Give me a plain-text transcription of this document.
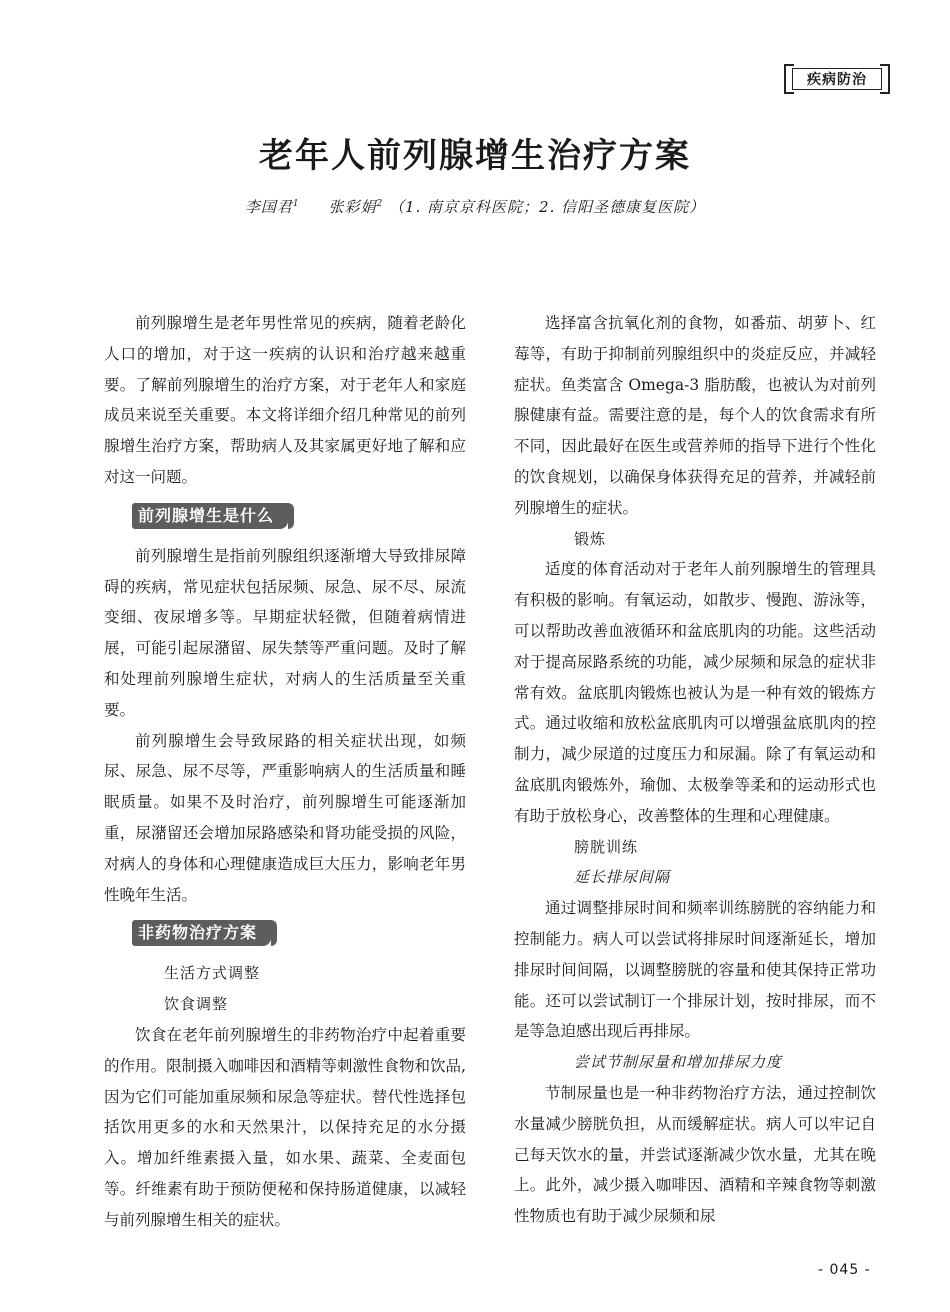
疾病防治
老年人前列腺增生治疗方案
李国君$^1$ 张彩娟$^2$ （1. 南京京科医院；2. 信阳圣德康复医院）

前列腺增生是老年男性常见的疾病，随着老龄化人口的增加，对于这一疾病的认识和治疗越来越重要。了解前列腺增生的治疗方案，对于老年人和家庭成员来说至关重要。本文将详细介绍几种常见的前列腺增生治疗方案，帮助病人及其家属更好地了解和应对这一问题。

前列腺增生是什么

前列腺增生是指前列腺组织逐渐增大导致排尿障碍的疾病，常见症状包括尿频、尿急、尿不尽、尿流变细、夜尿增多等。早期症状轻微，但随着病情进展，可能引起尿潴留、尿失禁等严重问题。及时了解和处理前列腺增生症状，对病人的生活质量至关重要。

前列腺增生会导致尿路的相关症状出现，如频尿、尿急、尿不尽等，严重影响病人的生活质量和睡眠质量。如果不及时治疗，前列腺增生可能逐渐加重，尿潴留还会增加尿路感染和肾功能受损的风险，对病人的身体和心理健康造成巨大压力，影响老年男性晚年生活。

非药物治疗方案

生活方式调整

饮食调整

饮食在老年前列腺增生的非药物治疗中起着重要的作用。限制摄入咖啡因和酒精等刺激性食物和饮品,因为它们可能加重尿频和尿急等症状。替代性选择包括饮用更多的水和天然果汁，以保持充足的水分摄入。增加纤维素摄入量，如水果、蔬菜、全麦面包等。纤维素有助于预防便秘和保持肠道健康，以减轻与前列腺增生相关的症状。

选择富含抗氧化剂的食物，如番茄、胡萝卜、红莓等，有助于抑制前列腺组织中的炎症反应，并减轻症状。鱼类富含 Omega-3 脂肪酸，也被认为对前列腺健康有益。需要注意的是，每个人的饮食需求有所不同，因此最好在医生或营养师的指导下进行个性化的饮食规划，以确保身体获得充足的营养，并减轻前列腺增生的症状。

锻炼

适度的体育活动对于老年人前列腺增生的管理具有积极的影响。有氧运动，如散步、慢跑、游泳等，可以帮助改善血液循环和盆底肌肉的功能。这些活动对于提高尿路系统的功能，减少尿频和尿急的症状非常有效。盆底肌肉锻炼也被认为是一种有效的锻炼方式。通过收缩和放松盆底肌肉可以增强盆底肌肉的控制力，减少尿道的过度压力和尿漏。除了有氧运动和盆底肌肉锻炼外，瑜伽、太极拳等柔和的运动形式也有助于放松身心，改善整体的生理和心理健康。

膀胱训练

延长排尿间隔

通过调整排尿时间和频率训练膀胱的容纳能力和控制能力。病人可以尝试将排尿时间逐渐延长，增加排尿时间间隔，以调整膀胱的容量和使其保持正常功能。还可以尝试制订一个排尿计划，按时排尿，而不是等急迫感出现后再排尿。

尝试节制尿量和增加排尿力度

节制尿量也是一种非药物治疗方法，通过控制饮水量减少膀胱负担，从而缓解症状。病人可以牢记自己每天饮水的量，并尝试逐渐减少饮水量，尤其在晚上。此外，减少摄入咖啡因、酒精和辛辣食物等刺激性物质也有助于减少尿频和尿

- 045 -
